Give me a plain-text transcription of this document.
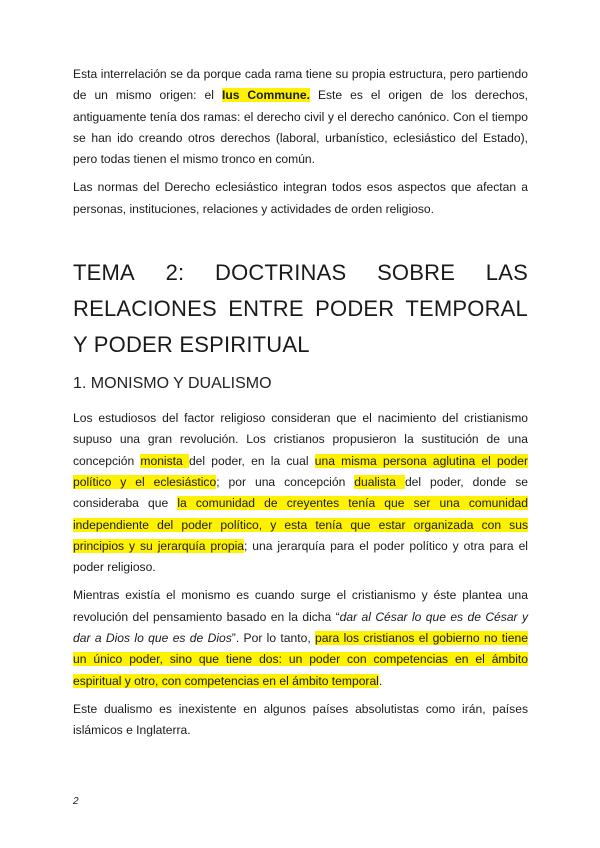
Esta interrelación se da porque cada rama tiene su propia estructura, pero partiendo de un mismo origen: el Ius Commune. Este es el origen de los derechos, antiguamente tenía dos ramas: el derecho civil y el derecho canónico. Con el tiempo se han ido creando otros derechos (laboral, urbanístico, eclesiástico del Estado), pero todas tienen el mismo tronco en común.

Las normas del Derecho eclesiástico integran todos esos aspectos que afectan a personas, instituciones, relaciones y actividades de orden religioso.

TEMA 2: DOCTRINAS SOBRE LAS
RELACIONES ENTRE PODER TEMPORAL Y PODER ESPIRITUAL
1. MONISMO Y DUALISMO

Los estudiosos del factor religioso consideran que el nacimiento del cristianismo supuso una gran revolución. Los cristianos propusieron la sustitución de una concepción monista del poder, en la cual una misma persona aglutina el poder político y el eclesiástico; por una concepción dualista del poder, donde se consideraba que la comunidad de creyentes tenía que ser una comunidad independiente del poder político, y esta tenía que estar organizada con sus principios y su jerarquía propia; una jerarquía para el poder político y otra para el poder religioso.

Mientras existía el monismo es cuando surge el cristianismo y éste plantea una revolución del pensamiento basado en la dicha “dar al César lo que es de César y dar a Dios lo que es de Dios”. Por lo tanto, para los cristianos el gobierno no tiene un único poder, sino que tiene dos: un poder con competencias en el ámbito espiritual y otro, con competencias en el ámbito temporal.

Este dualismo es inexistente en algunos países absolutistas como irán, países islámicos e Inglaterra.

2
